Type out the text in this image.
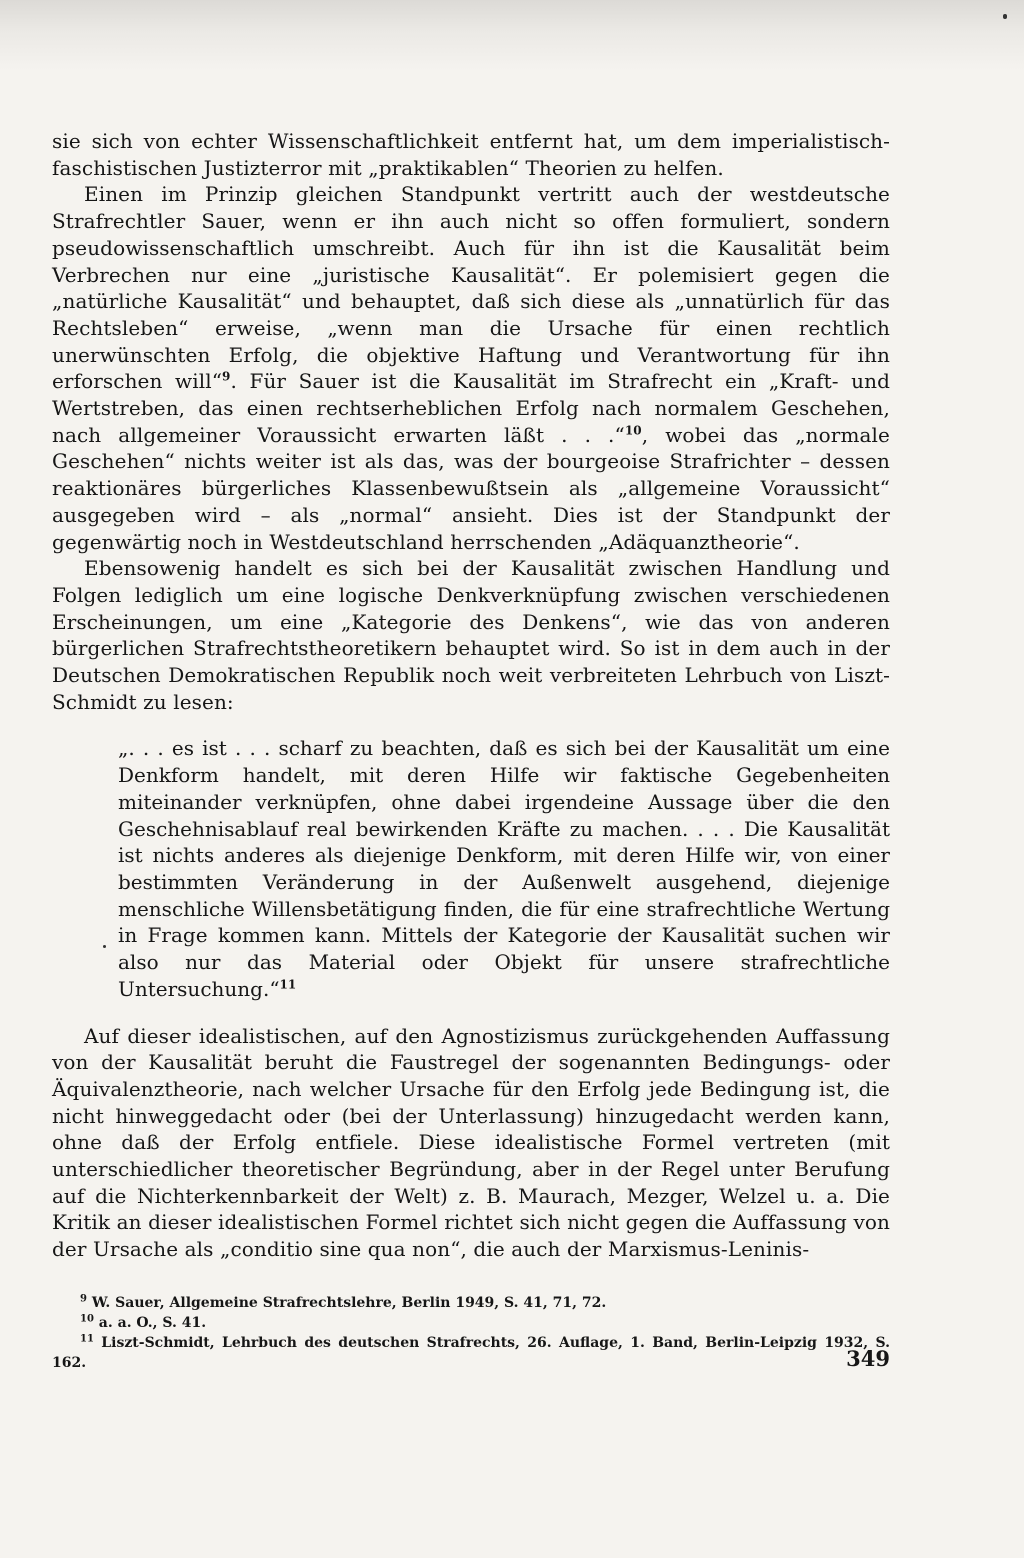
sie sich von echter Wissenschaftlichkeit entfernt hat, um dem imperialistisch-faschistischen Justizterror mit „praktikablen“ Theorien zu helfen.

Einen im Prinzip gleichen Standpunkt vertritt auch der westdeutsche Strafrechtler Sauer, wenn er ihn auch nicht so offen formuliert, sondern pseudowissenschaftlich umschreibt. Auch für ihn ist die Kausalität beim Verbrechen nur eine „juristische Kausalität“. Er polemisiert gegen die „natürliche Kausalität“ und behauptet, daß sich diese als „unnatürlich für das Rechtsleben“ erweise, „wenn man die Ursache für einen rechtlich unerwünschten Erfolg, die objektive Haftung und Verantwortung für ihn erforschen will“$^9$. Für Sauer ist die Kausalität im Strafrecht ein „Kraft- und Wertstreben, das einen rechtserheblichen Erfolg nach normalem Geschehen, nach allgemeiner Voraussicht erwarten läßt . . .“$^{10}$, wobei das „normale Geschehen“ nichts weiter ist als das, was der bourgeoise Strafrichter – dessen reaktionäres bürgerliches Klassenbewußtsein als „allgemeine Voraussicht“ ausgegeben wird – als „normal“ ansieht. Dies ist der Standpunkt der gegenwärtig noch in Westdeutschland herrschenden „Adäquanztheorie“.

Ebensowenig handelt es sich bei der Kausalität zwischen Handlung und Folgen lediglich um eine logische Denkverknüpfung zwischen verschiedenen Erscheinungen, um eine „Kategorie des Denkens“, wie das von anderen bürgerlichen Strafrechtstheoretikern behauptet wird. So ist in dem auch in der Deutschen Demokratischen Republik noch weit verbreiteten Lehrbuch von Liszt-Schmidt zu lesen:

„. . . es ist . . . scharf zu beachten, daß es sich bei der Kausalität um eine Denkform handelt, mit deren Hilfe wir faktische Gegebenheiten miteinander verknüpfen, ohne dabei irgendeine Aussage über die den Geschehnisablauf real bewirkenden Kräfte zu machen. . . . Die Kausalität ist nichts anderes als diejenige Denkform, mit deren Hilfe wir, von einer bestimmten Veränderung in der Außenwelt ausgehend, diejenige menschliche Willensbetätigung finden, die für eine strafrechtliche Wertung in Frage kommen kann. Mittels der Kategorie der Kausalität suchen wir also nur das Material oder Objekt für unsere strafrechtliche Untersuchung.“$^{11}$

Auf dieser idealistischen, auf den Agnostizismus zurückgehenden Auffassung von der Kausalität beruht die Faustregel der sogenannten Bedingungs- oder Äquivalenztheorie, nach welcher Ursache für den Erfolg jede Bedingung ist, die nicht hinweggedacht oder (bei der Unterlassung) hinzugedacht werden kann, ohne daß der Erfolg entfiele. Diese idealistische Formel vertreten (mit unterschiedlicher theoretischer Begründung, aber in der Regel unter Berufung auf die Nichterkennbarkeit der Welt) z. B. Maurach, Mezger, Welzel u. a. Die Kritik an dieser idealistischen Formel richtet sich nicht gegen die Auffassung von der Ursache als „conditio sine qua non“, die auch der Marxismus-Leninis-

$^9$ W. Sauer, Allgemeine Strafrechtslehre, Berlin 1949, S. 41, 71, 72.

$^{10}$ a. a. O., S. 41.

$^{11}$ Liszt-Schmidt, Lehrbuch des deutschen Strafrechts, 26. Auflage, 1. Band, Berlin-Leipzig 1932, S. 162.	349
